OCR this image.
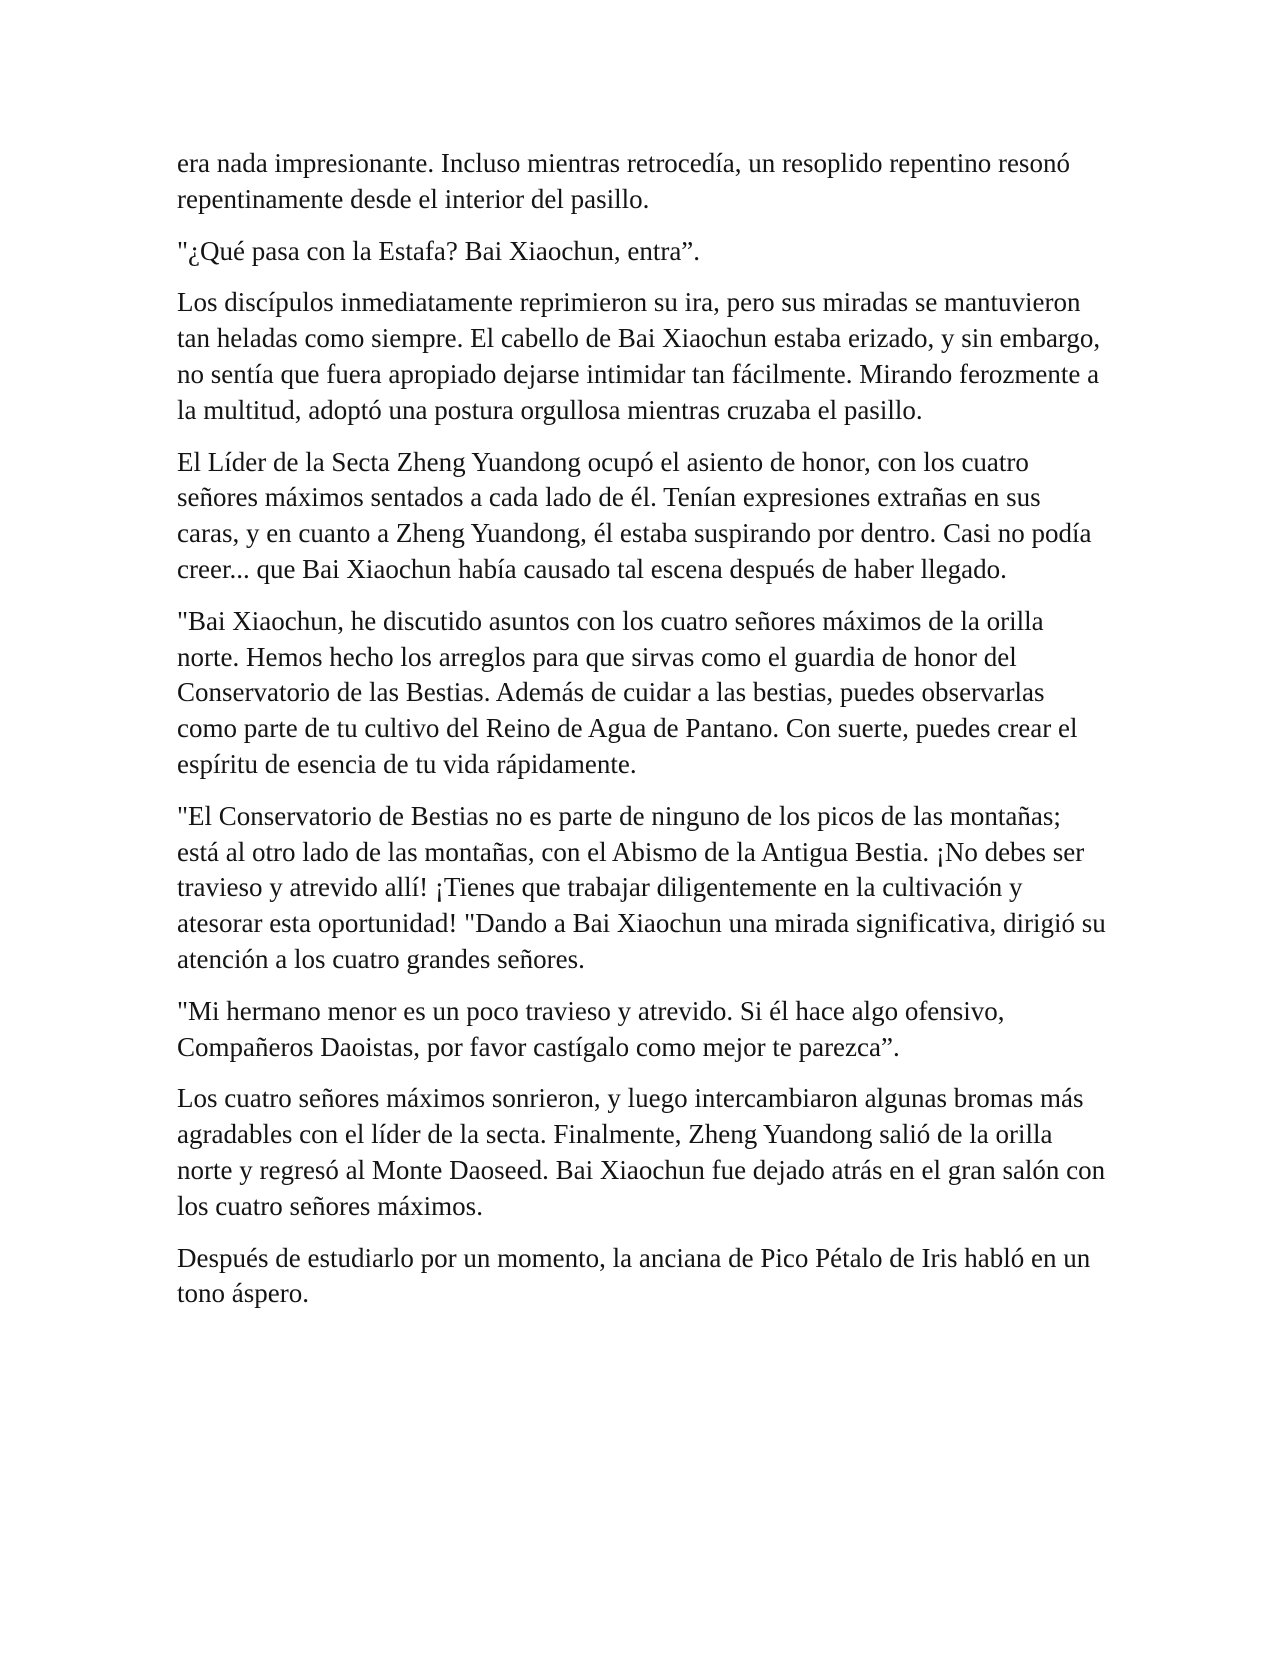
era nada impresionante. Incluso mientras retrocedía, un resoplido repentino resonó repentinamente desde el interior del pasillo.

"¿Qué pasa con la Estafa? Bai Xiaochun, entra”.

Los discípulos inmediatamente reprimieron su ira, pero sus miradas se mantuvieron tan heladas como siempre. El cabello de Bai Xiaochun estaba erizado, y sin embargo, no sentía que fuera apropiado dejarse intimidar tan fácilmente. Mirando ferozmente a la multitud, adoptó una postura orgullosa mientras cruzaba el pasillo.

El Líder de la Secta Zheng Yuandong ocupó el asiento de honor, con los cuatro señores máximos sentados a cada lado de él. Tenían expresiones extrañas en sus caras, y en cuanto a Zheng Yuandong, él estaba suspirando por dentro. Casi no podía creer... que Bai Xiaochun había causado tal escena después de haber llegado.

"Bai Xiaochun, he discutido asuntos con los cuatro señores máximos de la orilla norte. Hemos hecho los arreglos para que sirvas como el guardia de honor del Conservatorio de las Bestias. Además de cuidar a las bestias, puedes observarlas como parte de tu cultivo del Reino de Agua de Pantano. Con suerte, puedes crear el espíritu de esencia de tu vida rápidamente.

"El Conservatorio de Bestias no es parte de ninguno de los picos de las montañas; está al otro lado de las montañas, con el Abismo de la Antigua Bestia. ¡No debes ser travieso y atrevido allí! ¡Tienes que trabajar diligentemente en la cultivación y atesorar esta oportunidad! "Dando a Bai Xiaochun una mirada significativa, dirigió su atención a los cuatro grandes señores.

"Mi hermano menor es un poco travieso y atrevido. Si él hace algo ofensivo, Compañeros Daoistas, por favor castígalo como mejor te parezca”.

Los cuatro señores máximos sonrieron, y luego intercambiaron algunas bromas más agradables con el líder de la secta. Finalmente, Zheng Yuandong salió de la orilla norte y regresó al Monte Daoseed. Bai Xiaochun fue dejado atrás en el gran salón con los cuatro señores máximos.

Después de estudiarlo por un momento, la anciana de Pico Pétalo de Iris habló en un tono áspero.
